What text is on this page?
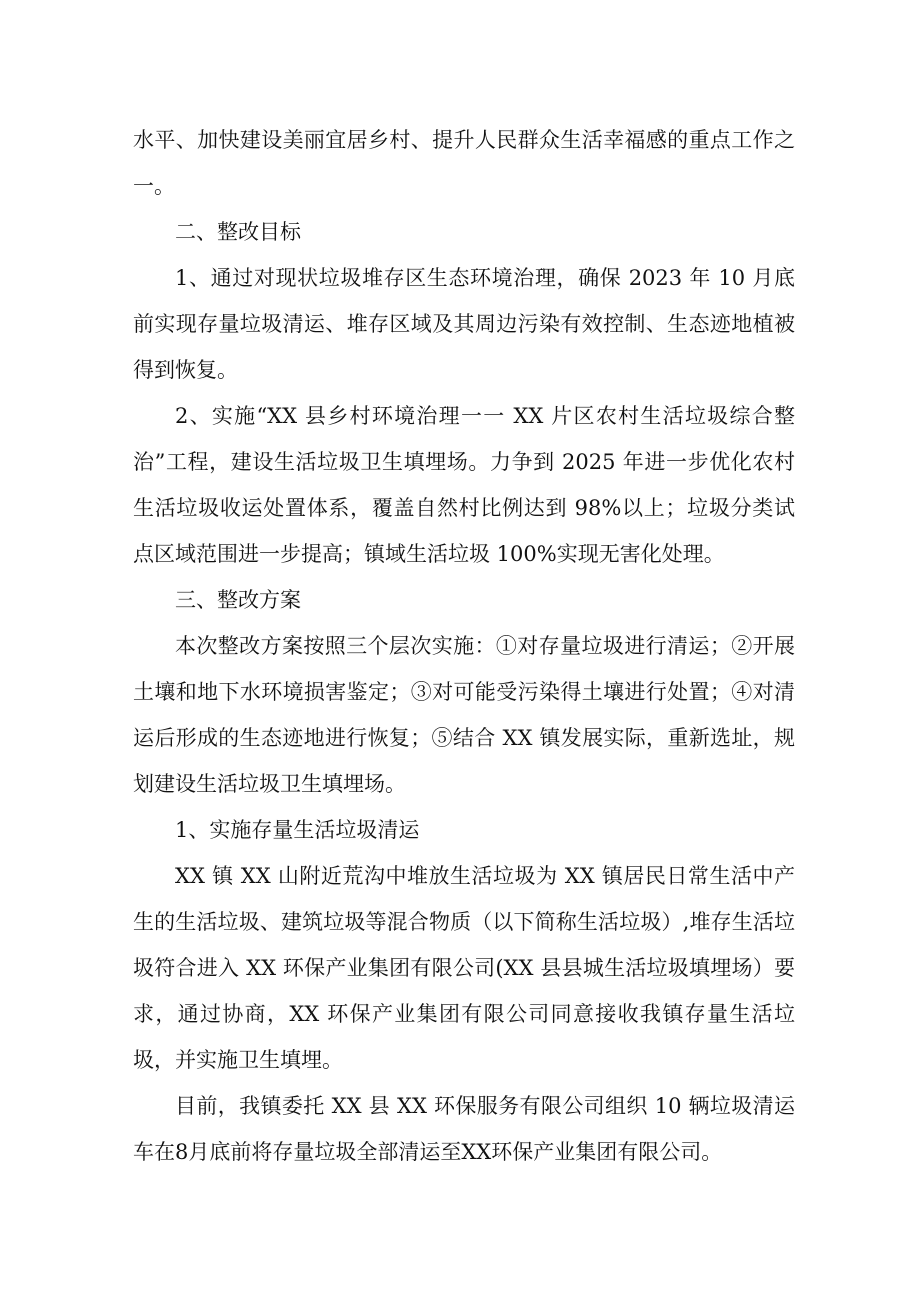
水平、加快建设美丽宜居乡村、提升人民群众生活幸福感的重点工作之一。

二、整改目标

1、通过对现状垃圾堆存区生态环境治理，确保 2023 年 10 月底前实现存量垃圾清运、堆存区域及其周边污染有效控制、生态迹地植被得到恢复。

2、实施“XX 县乡村环境治理一一 XX 片区农村生活垃圾综合整治”工程，建设生活垃圾卫生填埋场。力争到 2025 年进一步优化农村生活垃圾收运处置体系，覆盖自然村比例达到 98%以上；垃圾分类试点区域范围进一步提高；镇域生活垃圾 100%实现无害化处理。

三、整改方案

本次整改方案按照三个层次实施：①对存量垃圾进行清运；②开展土壤和地下水环境损害鉴定；③对可能受污染得土壤进行处置；④对清运后形成的生态迹地进行恢复；⑤结合 XX 镇发展实际，重新选址，规划建设生活垃圾卫生填埋场。

1、实施存量生活垃圾清运

XX 镇 XX 山附近荒沟中堆放生活垃圾为 XX 镇居民日常生活中产生的生活垃圾、建筑垃圾等混合物质（以下简称生活垃圾）,堆存生活垃圾符合进入 XX 环保产业集团有限公司(XX 县县城生活垃圾填埋场）要求，通过协商，XX 环保产业集团有限公司同意接收我镇存量生活垃圾，并实施卫生填埋。

目前，我镇委托 XX 县 XX 环保服务有限公司组织 10 辆垃圾清运车在8月底前将存量垃圾全部清运至XX环保产业集团有限公司。
